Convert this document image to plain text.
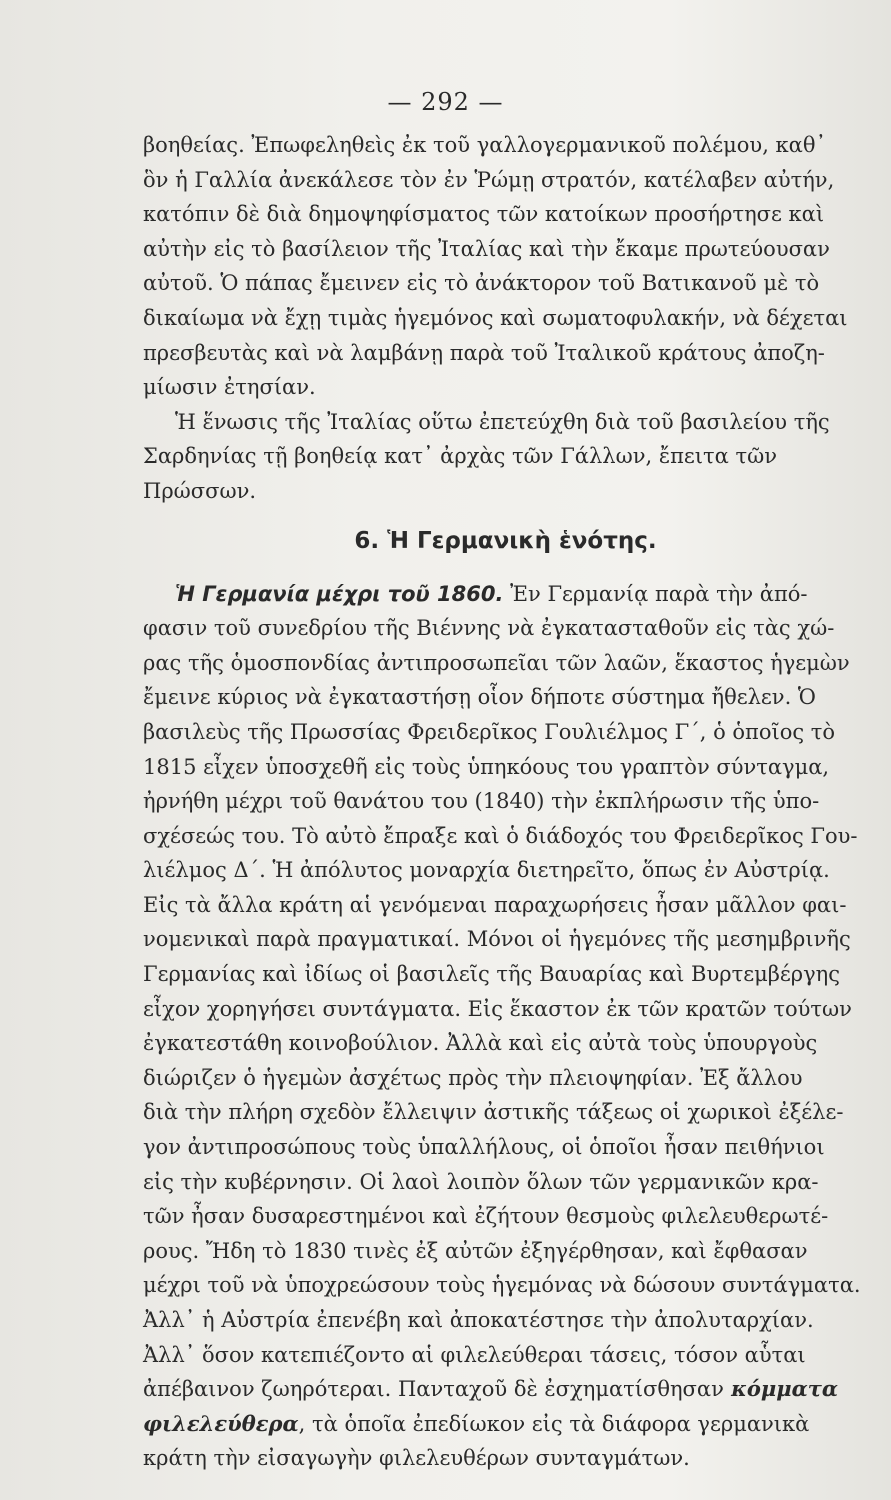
— 292 —
βοηθείας. Ἐπωφεληθεὶς ἐκ τοῦ γαλλογερμανικοῦ πολέμου, καθ᾽
ὃν ἡ Γαλλία ἀνεκάλεσε τὸν ἐν Ῥώμῃ στρατόν, κατέλαβεν αὐτήν,
κατόπιν δὲ διὰ δημοψηφίσματος τῶν κατοίκων προσήρτησε καὶ
αὐτὴν εἰς τὸ βασίλειον τῆς Ἰταλίας καὶ τὴν ἔκαμε πρωτεύουσαν
αὐτοῦ. Ὁ πάπας ἔμεινεν εἰς τὸ ἀνάκτορον τοῦ Βατικανοῦ μὲ τὸ
δικαίωμα νὰ ἔχῃ τιμὰς ἡγεμόνος καὶ σωματοφυλακήν, νὰ δέχεται
πρεσβευτὰς καὶ νὰ λαμβάνῃ παρὰ τοῦ Ἰταλικοῦ κράτους ἀποζη-
μίωσιν ἐτησίαν.
Ἡ ἕνωσις τῆς Ἰταλίας οὕτω ἐπετεύχθη διὰ τοῦ βασιλείου τῆς
Σαρδηνίας τῇ βοηθείᾳ κατ᾽ ἀρχὰς τῶν Γάλλων, ἔπειτα τῶν
Πρώσσων.
6. Ἡ Γερμανικὴ ἑνότης.
Ἡ Γερμανία μέχρι τοῦ 1860. Ἐν Γερμανίᾳ παρὰ τὴν ἀπό-
φασιν τοῦ συνεδρίου τῆς Βιέννης νὰ ἐγκατασταθοῦν εἰς τὰς χώ-
ρας τῆς ὁμοσπονδίας ἀντιπροσωπεῖαι τῶν λαῶν, ἕκαστος ἡγεμὼν
ἔμεινε κύριος νὰ ἐγκαταστήσῃ οἷον δήποτε σύστημα ἤθελεν. Ὁ
βασιλεὺς τῆς Πρωσσίας Φρειδερῖκος Γουλιέλμος Γ´, ὁ ὁποῖος τὸ
1815 εἶχεν ὑποσχεθῆ εἰς τοὺς ὑπηκόους του γραπτὸν σύνταγμα,
ἠρνήθη μέχρι τοῦ θανάτου του (1840) τὴν ἐκπλήρωσιν τῆς ὑπο-
σχέσεώς του. Τὸ αὐτὸ ἔπραξε καὶ ὁ διάδοχός του Φρειδερῖκος Γου-
λιέλμος Δ´. Ἡ ἀπόλυτος μοναρχία διετηρεῖτο, ὅπως ἐν Αὐστρίᾳ.
Εἰς τὰ ἄλλα κράτη αἱ γενόμεναι παραχωρήσεις ἦσαν μᾶλλον φαι-
νομενικαὶ παρὰ πραγματικαί. Μόνοι οἱ ἡγεμόνες τῆς μεσημβρινῆς
Γερμανίας καὶ ἰδίως οἱ βασιλεῖς τῆς Βαυαρίας καὶ Βυρτεμβέργης
εἶχον χορηγήσει συντάγματα. Εἰς ἕκαστον ἐκ τῶν κρατῶν τούτων
ἐγκατεστάθη κοινοβούλιον. Ἀλλὰ καὶ εἰς αὐτὰ τοὺς ὑπουργοὺς
διώριζεν ὁ ἡγεμὼν ἀσχέτως πρὸς τὴν πλειοψηφίαν. Ἐξ ἄλλου
διὰ τὴν πλήρη σχεδὸν ἔλλειψιν ἀστικῆς τάξεως οἱ χωρικοὶ ἐξέλε-
γον ἀντιπροσώπους τοὺς ὑπαλλήλους, οἱ ὁποῖοι ἦσαν πειθήνιοι
εἰς τὴν κυβέρνησιν. Οἱ λαοὶ λοιπὸν ὅλων τῶν γερμανικῶν κρα-
τῶν ἦσαν δυσαρεστημένοι καὶ ἐζήτουν θεσμοὺς φιλελευθερωτέ-
ρους. Ἤδη τὸ 1830 τινὲς ἐξ αὐτῶν ἐξηγέρθησαν, καὶ ἔφθασαν
μέχρι τοῦ νὰ ὑποχρεώσουν τοὺς ἡγεμόνας νὰ δώσουν συντάγματα.
Ἀλλ᾽ ἡ Αὐστρία ἐπενέβη καὶ ἀποκατέστησε τὴν ἀπολυταρχίαν.
Ἀλλ᾽ ὅσον κατεπιέζοντο αἱ φιλελεύθεραι τάσεις, τόσον αὗται
ἀπέβαινον ζωηρότεραι. Πανταχοῦ δὲ ἐσχηματίσθησαν κόμματα
φιλελεύθερα, τὰ ὁποῖα ἐπεδίωκον εἰς τὰ διάφορα γερμανικὰ
κράτη τὴν εἰσαγωγὴν φιλελευθέρων συνταγμάτων.
